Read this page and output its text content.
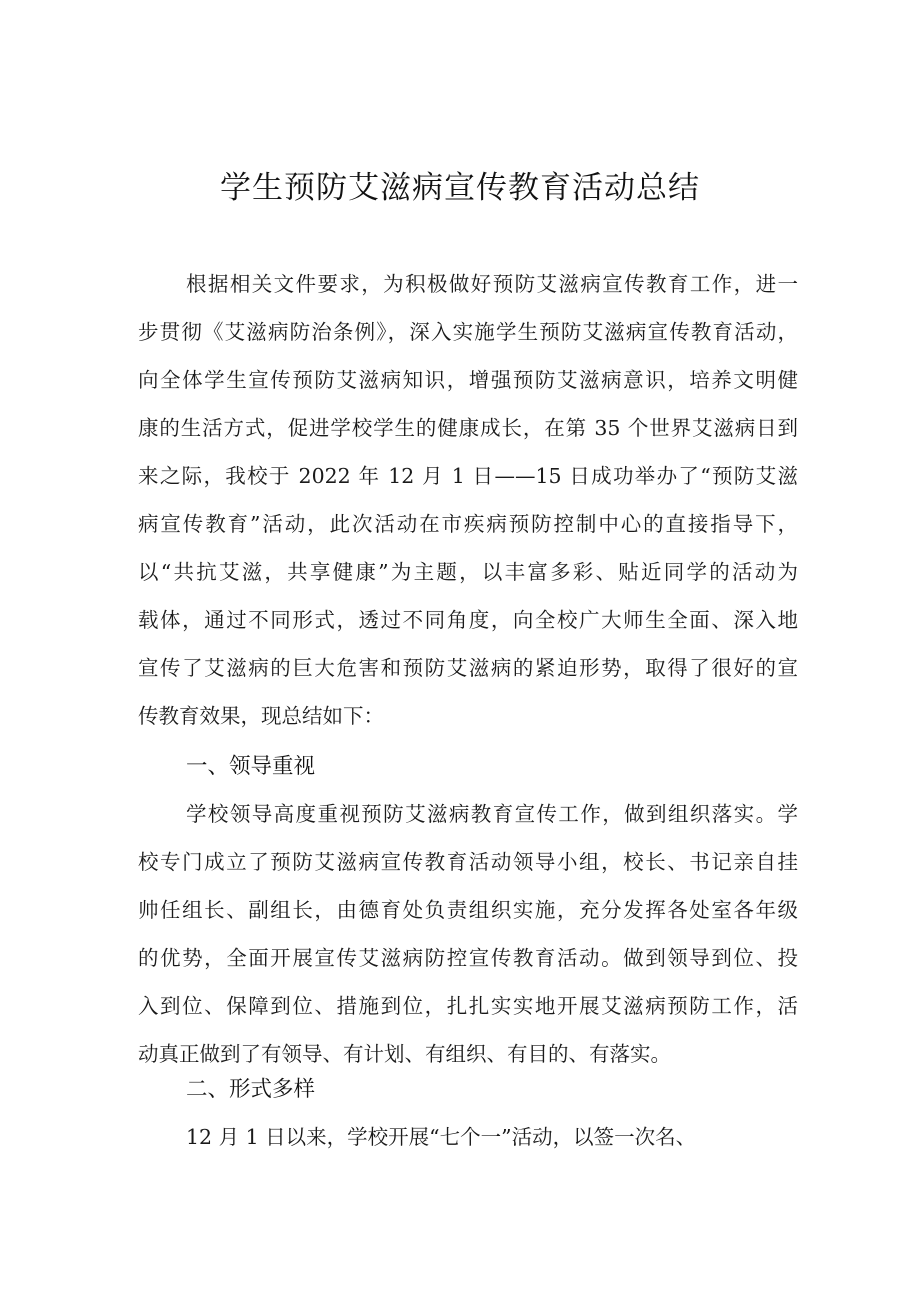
学生预防艾滋病宣传教育活动总结
根据相关文件要求，为积极做好预防艾滋病宣传教育工作，进一
步贯彻《艾滋病防治条例》，深入实施学生预防艾滋病宣传教育活动，
向全体学生宣传预防艾滋病知识，增强预防艾滋病意识，培养文明健
康的生活方式，促进学校学生的健康成长，在第 35 个世界艾滋病日到
来之际，我校于 2022 年 12 月 1 日——15 日成功举办了“预防艾滋
病宣传教育”活动，此次活动在市疾病预防控制中心的直接指导下，
以“共抗艾滋，共享健康”为主题，以丰富多彩、贴近同学的活动为
载体，通过不同形式，透过不同角度，向全校广大师生全面、深入地
宣传了艾滋病的巨大危害和预防艾滋病的紧迫形势，取得了很好的宣
传教育效果，现总结如下：
一、领导重视
学校领导高度重视预防艾滋病教育宣传工作，做到组织落实。学
校专门成立了预防艾滋病宣传教育活动领导小组，校长、书记亲自挂
帅任组长、副组长，由德育处负责组织实施，充分发挥各处室各年级
的优势，全面开展宣传艾滋病防控宣传教育活动。做到领导到位、投
入到位、保障到位、措施到位，扎扎实实地开展艾滋病预防工作，活
动真正做到了有领导、有计划、有组织、有目的、有落实。
二、形式多样
12 月 1 日以来，学校开展“七个一”活动，以签一次名、
